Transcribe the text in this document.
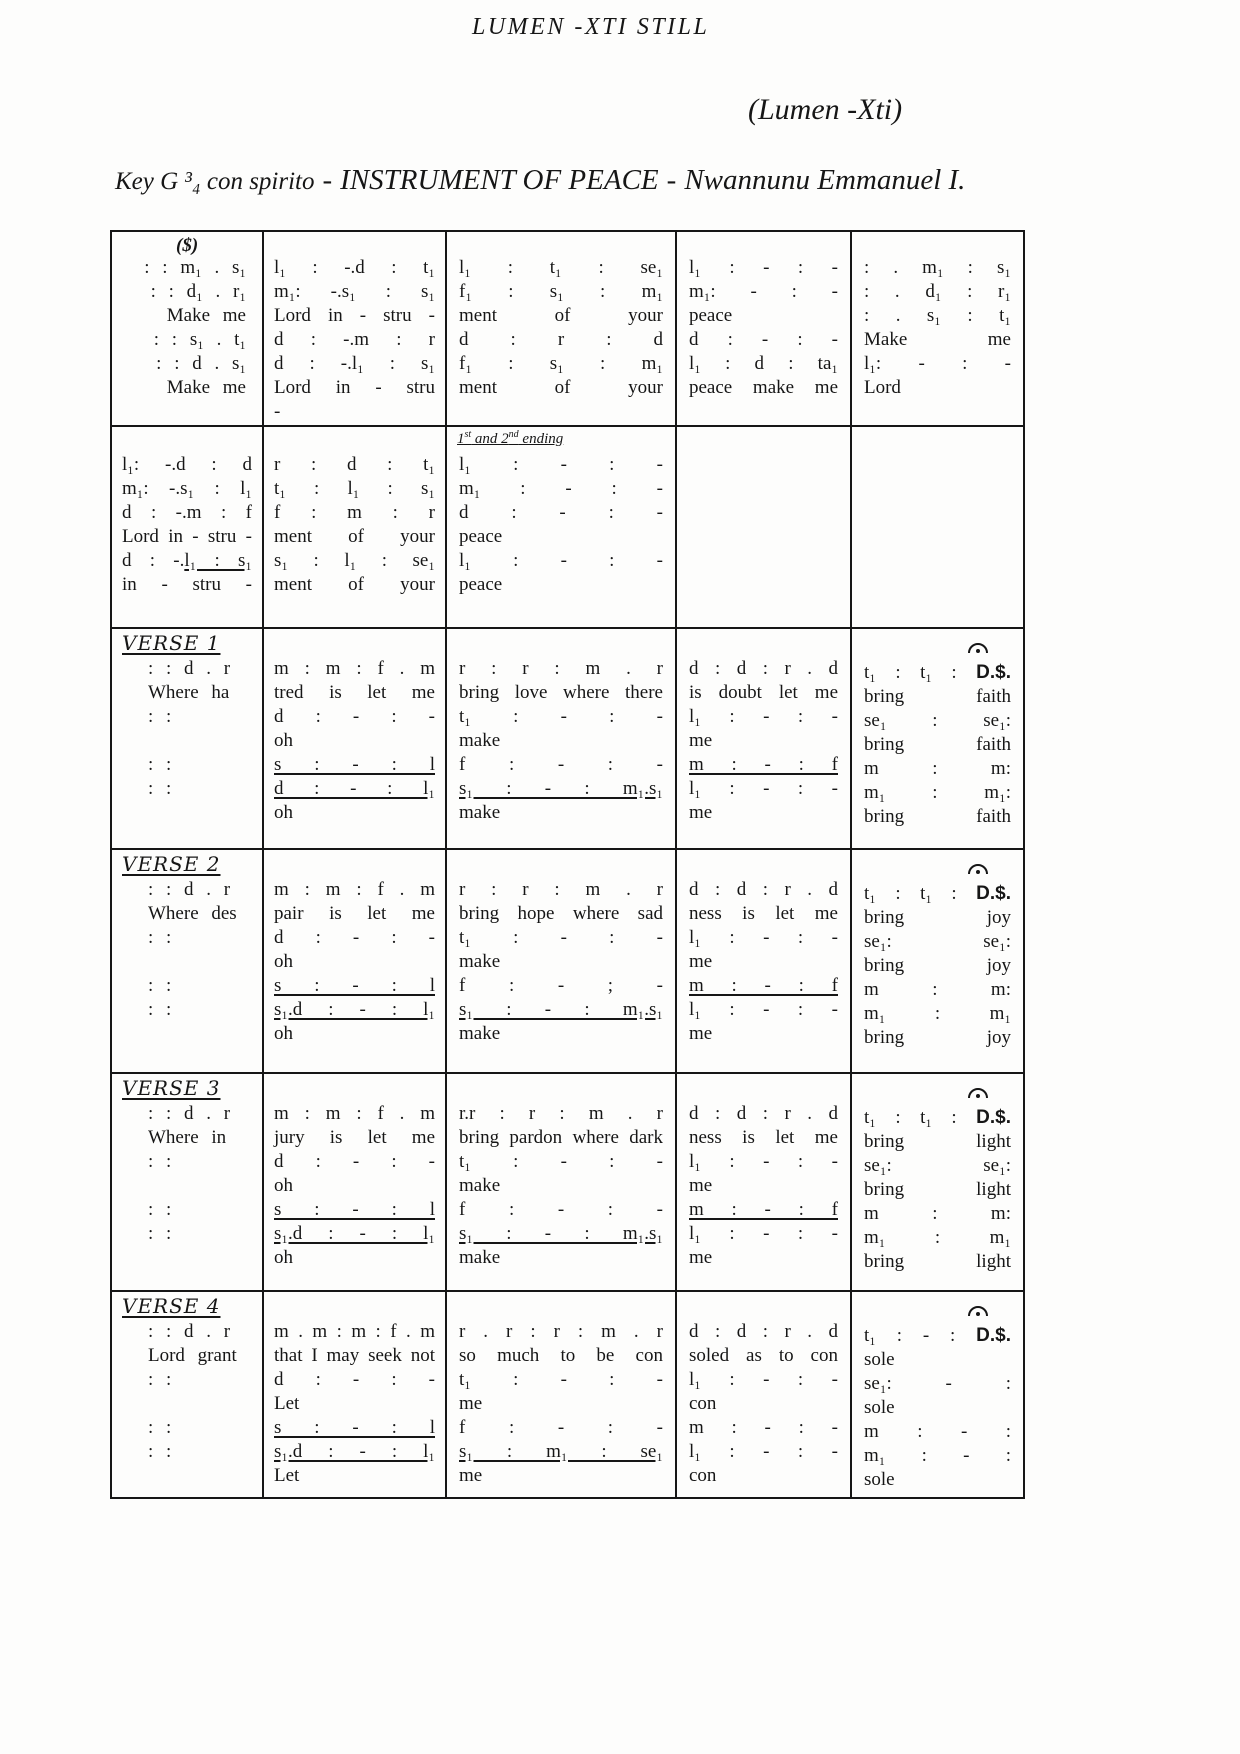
LUMEN -XTI STILL
(Lumen -Xti)
Key G ³₄ con spirito - INSTRUMENT OF PEACE - Nwannunu Emmanuel I.
($)
: : m₁ . s₁
: : d₁ . r₁
Make me
: : s₁ . t₁
: : d . s₁
Make me
l₁ : -.d : t₁
m₁: -.s₁ : s₁
Lord in - stru -
d : -.m : r
d : -.l₁ : s₁
Lord in - stru
-
l₁ : t₁ : se₁
f₁ : s₁ : m₁
ment of your
d : r : d
f₁ : s₁ : m₁
ment of your
l₁ : - : -
m₁: - : -
peace
d : - : -
l₁ : d : ta₁
peace make me
: . m₁ : s₁
: . d₁ : r₁
: . s₁ : t₁
Make me
l₁: - : -
Lord
l₁: -.d : d
m₁: -.s₁ : l₁
d : -.m : f
Lord in - stru -
d : -.l₁ : s₁
in - stru -
r : d : t₁
t₁ : l₁ : s₁
f : m : r
ment of your
s₁ : l₁ : se₁
ment of your
1st and 2nd ending
l₁ : - : -
m₁ : - : -
d : - : -
peace
l₁ : - : -
peace
VERSE 1
: : d . r
Where ha
: :
: :
: :
m : m : f . m
tred is let me
d : - : -
oh
s : - : l
d : - : l₁
oh
r : r : m . r
bring love where there
t₁ : - : -
make
f : - : -
s₁ : - : m₁.s₁
make
d : d : r . d
is doubt let me
l₁ : - : -
me
m : - : f
l₁ : - : -
me
t₁ : t₁ : D.$.
bring faith
se₁ : se₁:
bring faith
m : m:
m₁ : m₁:
bring faith
VERSE 2
: : d . r
Where des
: :
: :
: :
m : m : f . m
pair is let me
d : - : -
oh
s : - : l
s₁.d : - : l₁
oh
r : r : m . r
bring hope where sad
t₁ : - : -
make
f : - ; -
s₁ : - : m₁.s₁
make
d : d : r . d
ness is let me
l₁ : - : -
me
m : - : f
l₁ : - : -
me
t₁ : t₁ : D.$.
bring joy
se₁: se₁:
bring joy
m : m:
m₁ : m₁
bring joy
VERSE 3
: : d . r
Where in
: :
: :
: :
m : m : f . m
jury is let me
d : - : -
oh
s : - : l
s₁.d : - : l₁
oh
r.r : r : m . r
bring pardon where dark
t₁ : - : -
make
f : - : -
s₁ : - : m₁.s₁
make
d : d : r . d
ness is let me
l₁ : - : -
me
m : - : f
l₁ : - : -
me
t₁ : t₁ : D.$.
bring light
se₁: se₁:
bring light
m : m:
m₁ : m₁
bring light
VERSE 4
: : d . r
Lord grant
: :
: :
: :
m . m : m : f . m
that I may seek not
d : - : -
Let
s : - : l
s₁.d : - : l₁
Let
r . r : r : m . r
so much to be con
t₁ : - : -
me
f : - : -
s₁ : m₁ : se₁
me
d : d : r . d
soled as to con
l₁ : - : -
con
m : - : -
l₁ : - : -
con
t₁ : - : D.$.
sole
se₁: - :
sole
m : - :
m₁ : - :
sole
